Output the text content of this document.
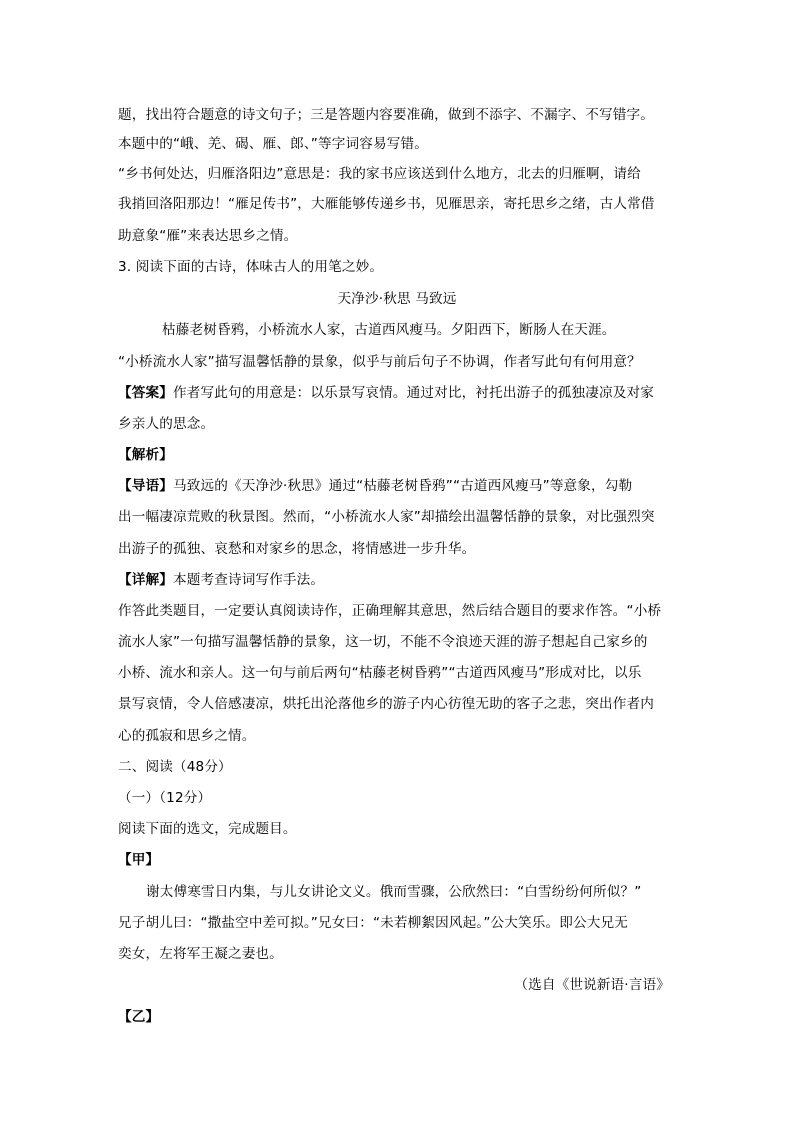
题，找出符合题意的诗文句子；三是答题内容要准确，做到不添字、不漏字、不写错字。
本题中的“峨、羌、碣、雁、郎、”等字词容易写错。
“乡书何处达，归雁洛阳边”意思是：我的家书应该送到什么地方，北去的归雁啊，请给
我捎回洛阳那边！“雁足传书”，大雁能够传递乡书，见雁思亲，寄托思乡之绪，古人常借
助意象“雁”来表达思乡之情。
3. 阅读下面的古诗，体味古人的用笔之妙。
天净沙·秋思 马致远
枯藤老树昏鸦，小桥流水人家，古道西风瘦马。夕阳西下，断肠人在天涯。
“小桥流水人家”描写温馨恬静的景象，似乎与前后句子不协调，作者写此句有何用意？
【答案】作者写此句的用意是：以乐景写哀情。通过对比，衬托出游子的孤独凄凉及对家
乡亲人的思念。
【解析】
【导语】马致远的《天净沙·秋思》通过“枯藤老树昏鸦”“古道西风瘦马”等意象，勾勒
出一幅凄凉荒败的秋景图。然而，“小桥流水人家”却描绘出温馨恬静的景象，对比强烈突
出游子的孤独、哀愁和对家乡的思念，将情感进一步升华。
【详解】本题考查诗词写作手法。
作答此类题目，一定要认真阅读诗作，正确理解其意思，然后结合题目的要求作答。“小桥
流水人家”一句描写温馨恬静的景象，这一切，不能不令浪迹天涯的游子想起自己家乡的
小桥、流水和亲人。这一句与前后两句“枯藤老树昏鸦”“古道西风瘦马”形成对比，以乐
景写哀情，令人倍感凄凉，烘托出沦落他乡的游子内心彷徨无助的客子之悲，突出作者内
心的孤寂和思乡之情。
二、阅读（48分）
（一）（12分）
阅读下面的选文，完成题目。
【甲】
谢太傅寒雪日内集，与儿女讲论文义。俄而雪骤，公欣然曰：“白雪纷纷何所似？”
兄子胡儿曰：“撒盐空中差可拟。”兄女曰：“未若柳絮因风起。”公大笑乐。即公大兄无
奕女，左将军王凝之妻也。
（选自《世说新语·言语》
【乙】
